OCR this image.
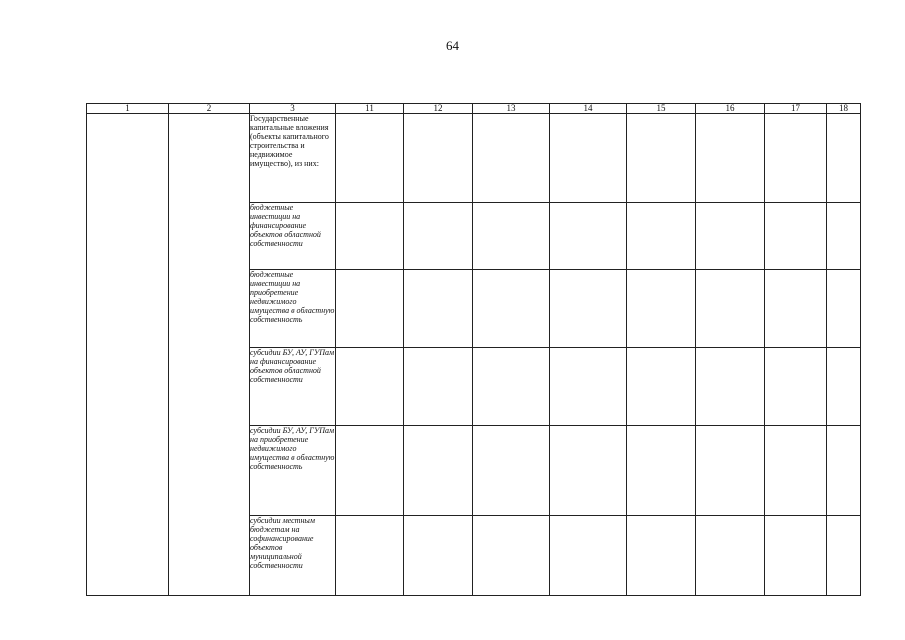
64
1	2	3	11	12	13	14	15	16	17	18
		Государственные капитальные вложения (объекты капитального строительства и недвижимое имущество), из них:								
		бюджетные инвестиции на финансирование объектов областной собственности								
		бюджетные инвестиции на приобретение недвижимого имущества в областную собственность								
		субсидии БУ, АУ, ГУПам на финансирование объектов областной собственности								
		субсидии БУ, АУ, ГУПам на приобретение недвижимого имущества в областную собственность								
		субсидии местным бюджетам на софинансирование объектов муниципальной собственности								
